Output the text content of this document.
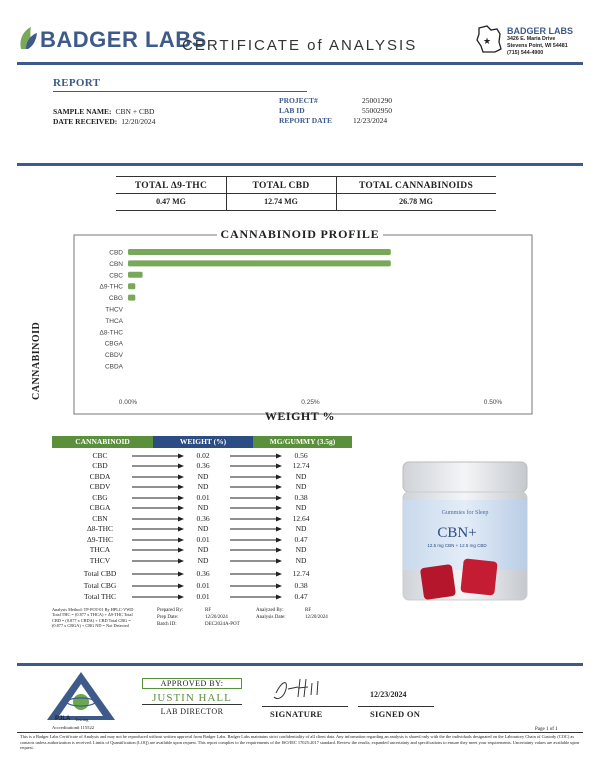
BADGER LABS
CERTIFICATE of ANALYSIS	★
BADGER LABS
3426 E. Maria Drive
Stevens Point, WI 54481
(715) 544-4900
REPORT
SAMPLE NAME: CBN + CBD
DATE RECEIVED: 12/20/2024
PROJECT#	25001290
LAB ID	55002950
REPORT DATE	12/23/2024
TOTAL Δ9-THC	TOTAL CBD	TOTAL CANNABINOIDS
0.47 MG	12.74 MG	26.78 MG
CBD
CBN
CBC
Δ9-THC
CBG
THCV
THCA
Δ8-THC
CBGA
CBDV
CBDA
0.00%	0.25%	0.50%
CANNABINOID PROFILE
CANNABINOID
WEIGHT %
CANNABINOID	WEIGHT (%)	MG/GUMMY (3.5g)
CBC	0.02	0.56
CBD	0.36	12.74
CBDA	ND	ND
CBDV	ND	ND
CBG	0.01	0.38
CBGA	ND	ND
CBN	0.36	12.64
Δ8-THC	ND	ND
Δ9-THC	0.01	0.47
THCA	ND	ND
THCV	ND	ND
Total CBD	0.36	12.74
Total CBG	0.01	0.38
Total THC	0.01	0.47
Analysis Method: TP-POT-01 By HPLC-VWD Total THC = (0.877 x THCA) + Δ9-THC Total CBD = (0.877 x CBDA) + CBD Total CBG = (0.877 x CBGA) + CBG ND = Not Detected
Prepared By:	RF
Prep Date:	12/20/2024
Batch ID:	DEC2024A-POT
Analyzed By:	RF
Analysis Date:	12/20/2024
Gummies for Sleep
CBN+
12.5 mg CBN + 12.5 mg CBD
PJLA Testing
Accreditation# 115522
APPROVED BY:
JUSTIN HALL
LAB DIRECTOR	SIGNATURE
12/23/2024
SIGNED ON
Page 1 of 1
This is a Badger Labs Certificate of Analysis and may not be reproduced without written approval from Badger Labs. Badger Labs maintains strict confidentiality of all client data. Any information regarding an analysis is shared only with the the individuals designated on the Laboratory Chain of Custody (COC) as contacts unless authorization is received. Limits of Quantification (LOQ) are available upon request. This report complies to the requirements of the ISO/IEC 17025:2017 standard. Review the results, expanded uncertainty and specifications to ensure they meet your requirements. Uncertainty values are available upon request.
